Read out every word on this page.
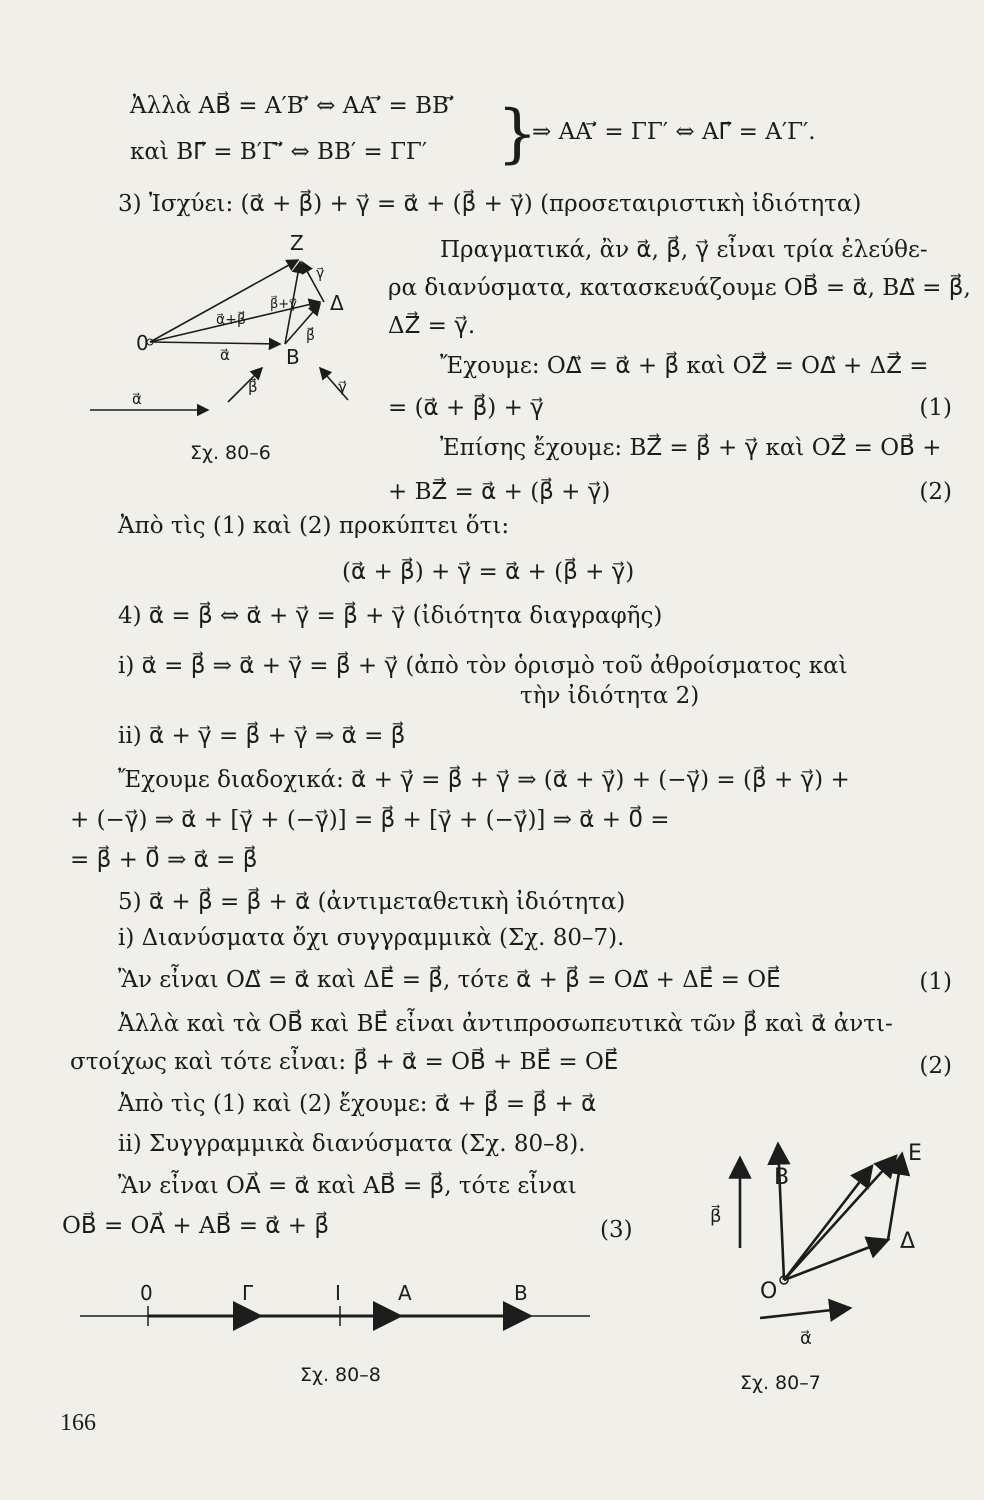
Ἀλλὰ AB⃗ = A′B′⃗ ⇔ AA′⃗ = BB′⃗
καὶ BΓ⃗ = B′Γ′⃗ ⇔ BB′ = ΓΓ′ }
⇒ AA′⃗ = ΓΓ′ ⇔ AΓ⃗ = A′Γ′.
3) Ἰσχύει: (α⃗ + β⃗) + γ⃗ = α⃗ + (β⃗ + γ⃗) (προσεταιριστικὴ ἰδιότητα)
Πραγματικά, ἂν α⃗, β⃗, γ⃗ εἶναι τρία ἐλεύθε-
ρα διανύσματα, κατασκευάζουμε OB⃗ = α⃗, BΔ⃗ = β⃗,
ΔZ⃗ = γ⃗.
Ἔχουμε: OΔ⃗ = α⃗ + β⃗ καὶ OZ⃗ = OΔ⃗ + ΔZ⃗ =
= (α⃗ + β⃗) + γ⃗	(1)
Ἐπίσης ἔχουμε: BZ⃗ = β⃗ + γ⃗ καὶ OZ⃗ = OB⃗ +
+ BZ⃗ = α⃗ + (β⃗ + γ⃗)	(2)
Z
Δ
0
B
α⃗
α⃗+β⃗
β⃗+γ⃗
β⃗
γ⃗
α⃗
β⃗	γ⃗
Σχ. 80–6
Ἀπὸ τὶς (1) καὶ (2) προκύπτει ὅτι:
(α⃗ + β⃗) + γ⃗ = α⃗ + (β⃗ + γ⃗)
4) α⃗ = β⃗ ⇔ α⃗ + γ⃗ = β⃗ + γ⃗ (ἰδιότητα διαγραφῆς)
i) α⃗ = β⃗ ⇒ α⃗ + γ⃗ = β⃗ + γ⃗ (ἀπὸ τὸν ὁρισμὸ τοῦ ἀθροίσματος καὶ
τὴν ἰδιότητα 2)
ii) α⃗ + γ⃗ = β⃗ + γ⃗ ⇒ α⃗ = β⃗
Ἔχουμε διαδοχικά: α⃗ + γ⃗ = β⃗ + γ⃗ ⇒ (α⃗ + γ⃗) + (−γ⃗) = (β⃗ + γ⃗) +
+ (−γ⃗) ⇒ α⃗ + [γ⃗ + (−γ⃗)] = β⃗ + [γ⃗ + (−γ⃗)] ⇒ α⃗ + 0⃗ =
= β⃗ + 0⃗ ⇒ α⃗ = β⃗
5) α⃗ + β⃗ = β⃗ + α⃗ (ἀντιμεταθετικὴ ἰδιότητα)
i) Διανύσματα ὄχι συγγραμμικὰ (Σχ. 80–7).
Ἂν εἶναι OΔ⃗ = α⃗ καὶ ΔE⃗ = β⃗, τότε α⃗ + β⃗ = OΔ⃗ + ΔE⃗ = OE⃗	(1)
Ἀλλὰ καὶ τὰ OB⃗ καὶ BE⃗ εἶναι ἀντιπροσωπευτικὰ τῶν β⃗ καὶ α⃗ ἀντι-
στοίχως καὶ τότε εἶναι: β⃗ + α⃗ = OB⃗ + BE⃗ = OE⃗	(2)
Ἀπὸ τὶς (1) καὶ (2) ἔχουμε: α⃗ + β⃗ = β⃗ + α⃗
ii) Συγγραμμικὰ διανύσματα (Σχ. 80–8).
Ἂν εἶναι OA⃗ = α⃗ καὶ AB⃗ = β⃗, τότε εἶναι
OB⃗ = OA⃗ + AB⃗ = α⃗ + β⃗	(3)
E
B
Δ
O
β⃗
α⃗
Σχ. 80–7
0	Γ	I	A	B
Σχ. 80–8
166
